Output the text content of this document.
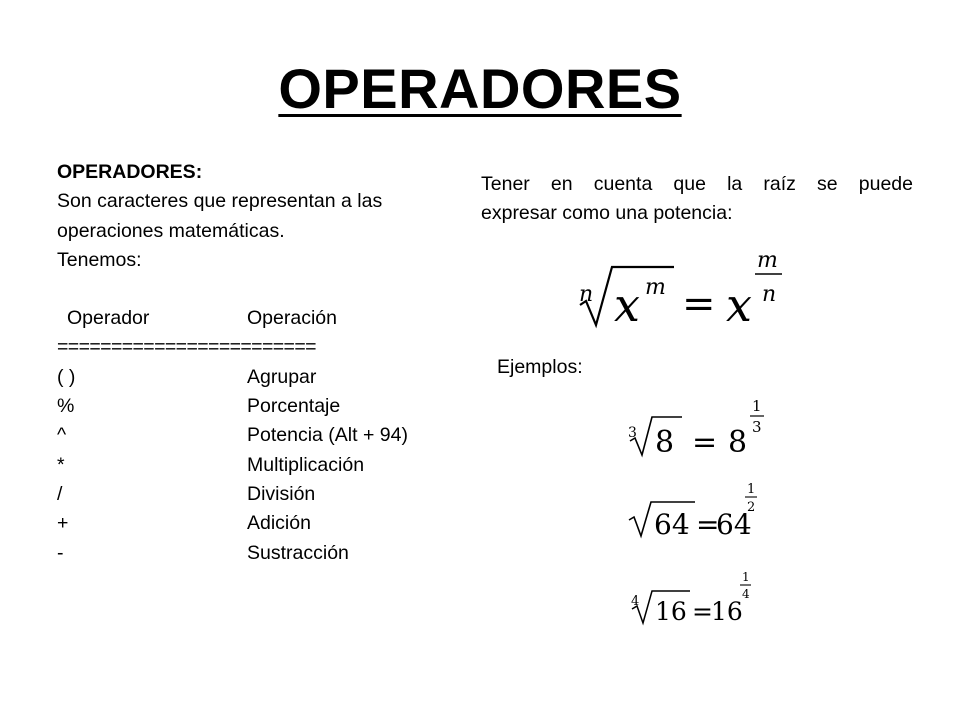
OPERADORES
OPERADORES:
Son caracteres que representan a las
operaciones matemáticas.
Tenemos:
Operador	Operación
========================
( )	Agrupar
%	Porcentaje
^	Potencia (Alt + 94)
*	Multiplicación
/	División
+	Adición
-	Sustracción
Tener en cuenta que la raíz se puede
expresar como una potencia:
n x m = x
m
n
Ejemplos:
3 8 = 8
1
3
64 =
64
1
2
4 16 =
16
1
4
